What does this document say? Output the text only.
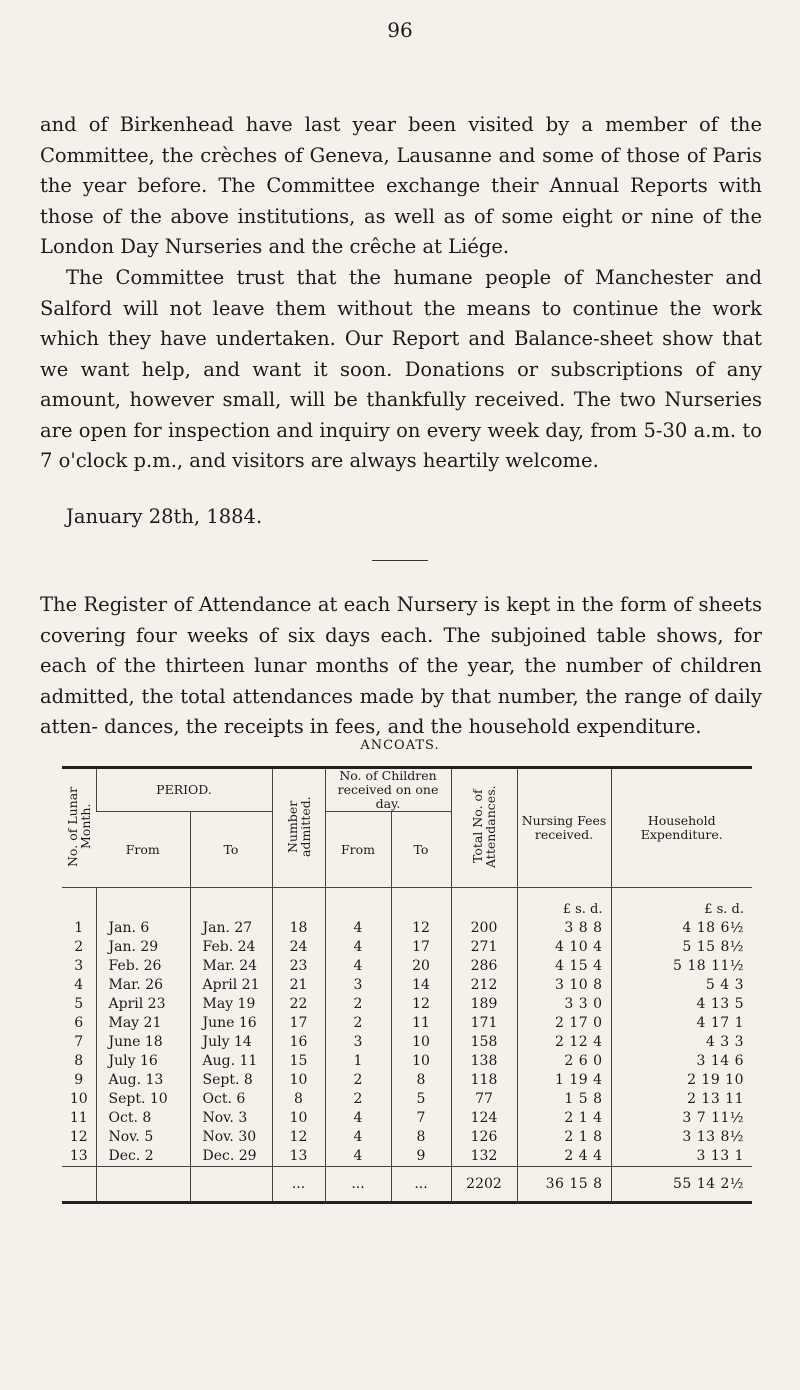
96

and of Birkenhead have last year been visited by a member of the Committee, the crèches of Geneva, Lausanne and some of those of Paris the year before. The Committee exchange their Annual Reports with those of the above institutions, as well as of some eight or nine of the London Day Nurseries and the crêche at Liége.

The Committee trust that the humane people of Manchester and Salford will not leave them without the means to continue the work which they have undertaken. Our Report and Balance-sheet show that we want help, and want it soon. Donations or subscriptions of any amount, however small, will be thankfully received. The two Nurseries are open for inspection and inquiry on every week day, from 5-30 a.m. to 7 o'clock p.m., and visitors are always heartily welcome.

January 28th, 1884.

The Register of Attendance at each Nursery is kept in the form of sheets covering four weeks of six days each. The subjoined table shows, for each of the thirteen lunar months of the year, the number of children admitted, the total attendances made by that number, the range of daily atten- dances, the receipts in fees, and the household expenditure.

ANCOATS.
No. of Lunar Month.	PERIOD.		Number admitted.	No. of Children received on one day.		Total No. of Attendances.	Nursing Fees received.	Household Expenditure.
	From	To		From	To			
							£ s. d.	£ s. d.
1	Jan. 6	Jan. 27	18	4	12	200	3 8 8	4 18 6½
2	Jan. 29	Feb. 24	24	4	17	271	4 10 4	5 15 8½
3	Feb. 26	Mar. 24	23	4	20	286	4 15 4	5 18 11½
4	Mar. 26	April 21	21	3	14	212	3 10 8	5 4 3
5	April 23	May 19	22	2	12	189	3 3 0	4 13 5
6	May 21	June 16	17	2	11	171	2 17 0	4 17 1
7	June 18	July 14	16	3	10	158	2 12 4	4 3 3
8	July 16	Aug. 11	15	1	10	138	2 6 0	3 14 6
9	Aug. 13	Sept. 8	10	2	8	118	1 19 4	2 19 10
10	Sept. 10	Oct. 6	8	2	5	77	1 5 8	2 13 11
11	Oct. 8	Nov. 3	10	4	7	124	2 1 4	3 7 11½
12	Nov. 5	Nov. 30	12	4	8	126	2 1 8	3 13 8½
13	Dec. 2	Dec. 29	13	4	9	132	2 4 4	3 13 1
			...	...	...	2202	36 15 8	55 14 2½
